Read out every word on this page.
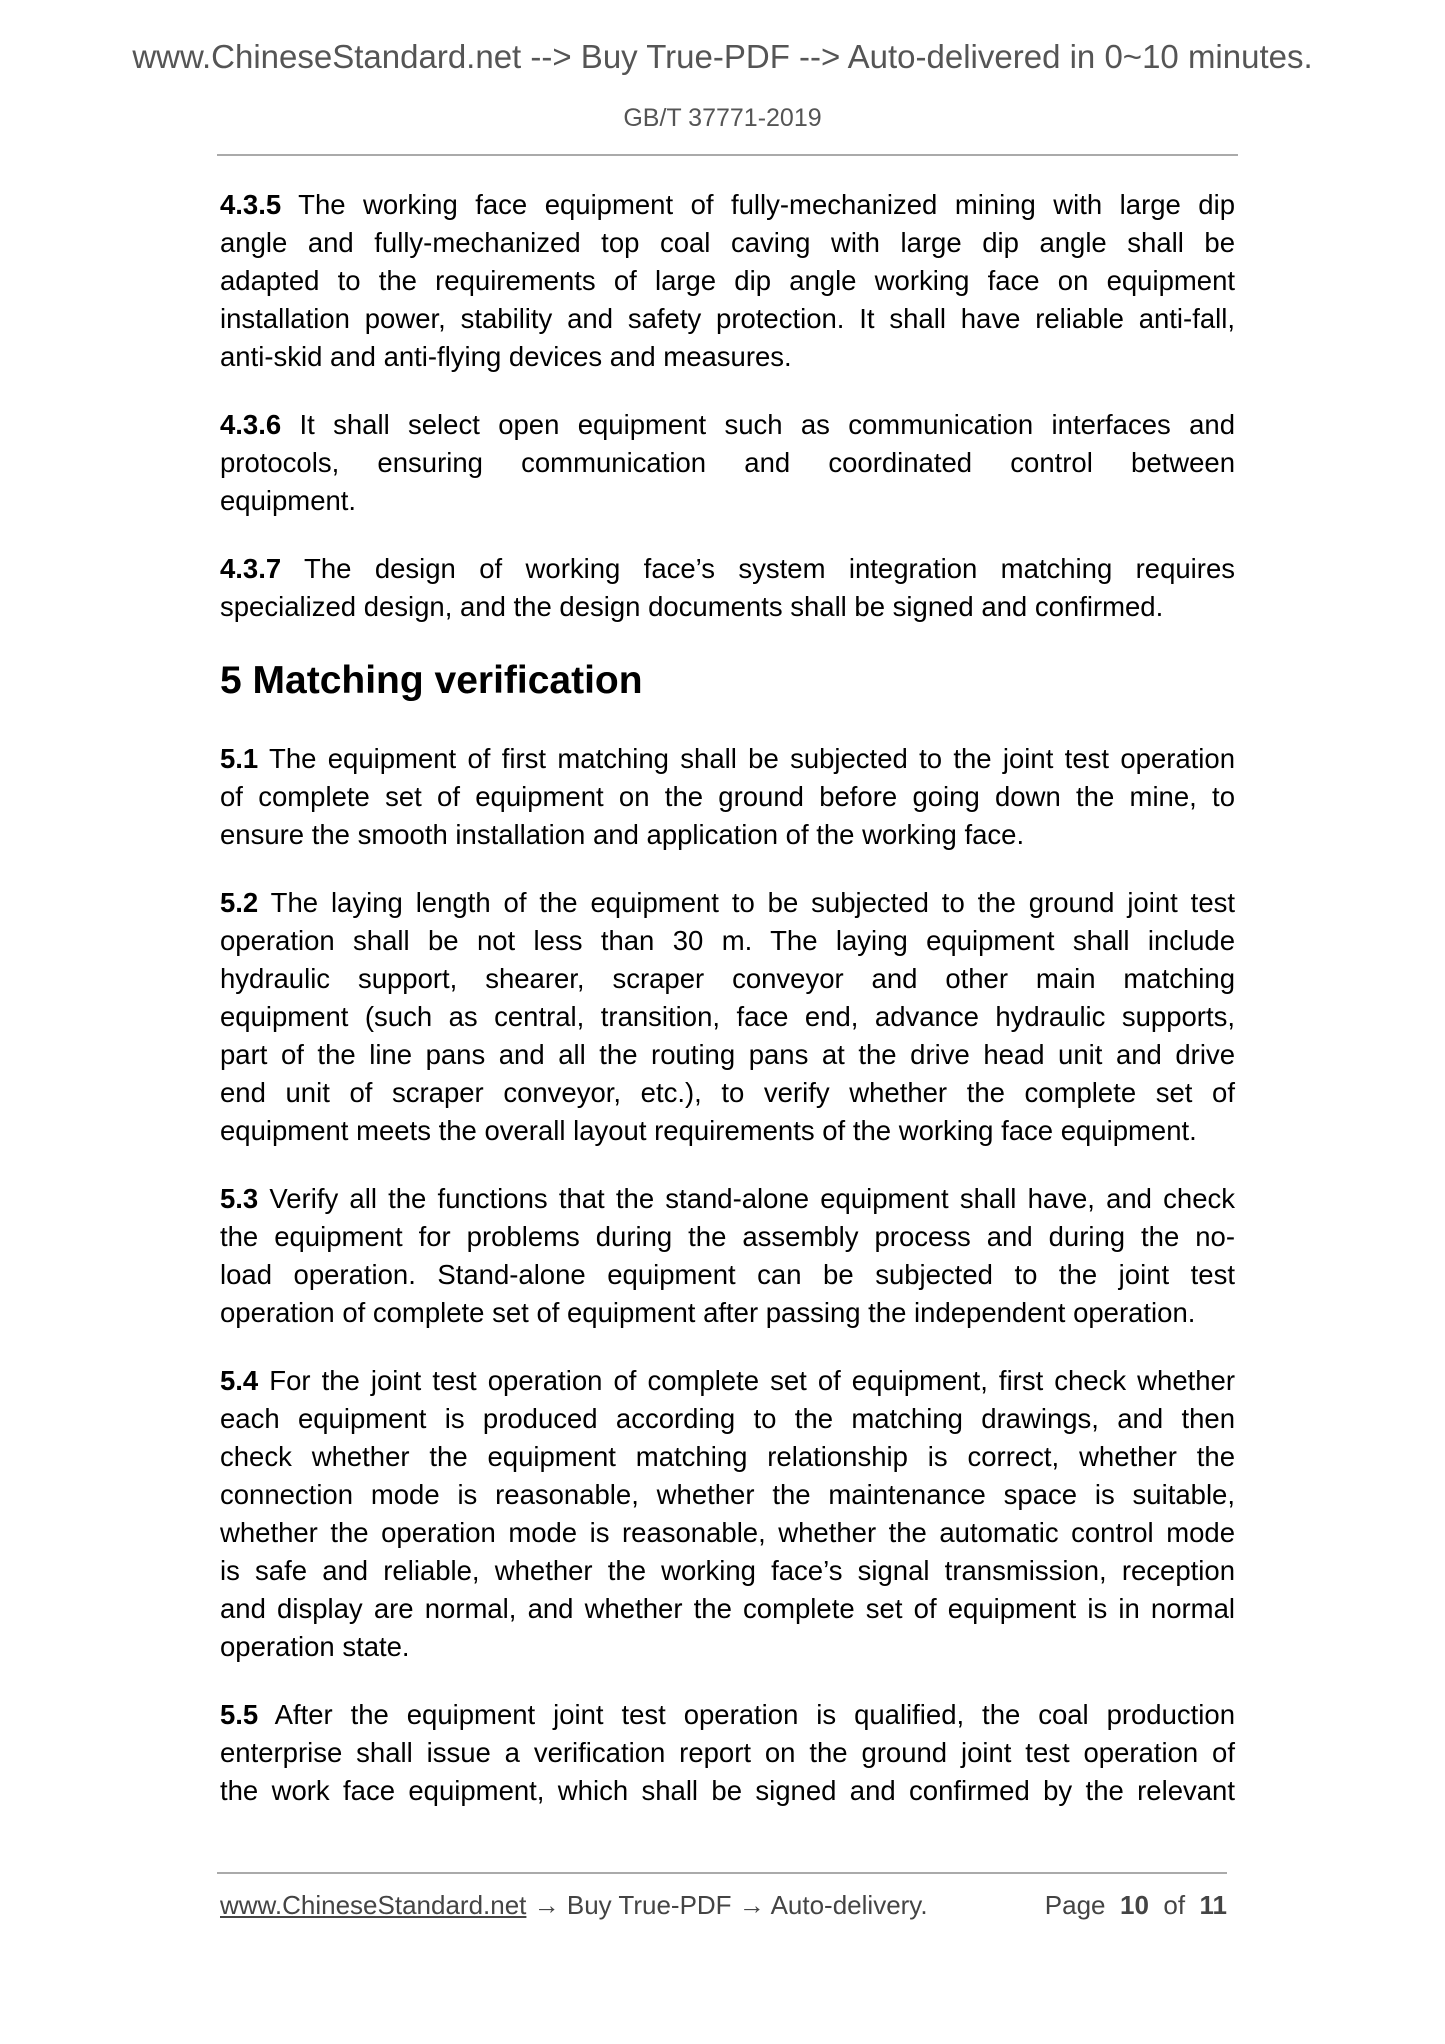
www.ChineseStandard.net --> Buy True-PDF --> Auto-delivered in 0~10 minutes.
GB/T 37771-2019
4.3.5 The working face equipment of fully-mechanized mining with large dip
angle and fully-mechanized top coal caving with large dip angle shall be
adapted to the requirements of large dip angle working face on equipment
installation power, stability and safety protection. It shall have reliable anti-fall,
anti-skid and anti-flying devices and measures.
4.3.6 It shall select open equipment such as communication interfaces and
protocols, ensuring communication and coordinated control between
equipment.
4.3.7 The design of working face’s system integration matching requires
specialized design, and the design documents shall be signed and confirmed.
5 Matching verification
5.1 The equipment of first matching shall be subjected to the joint test operation
of complete set of equipment on the ground before going down the mine, to
ensure the smooth installation and application of the working face.
5.2 The laying length of the equipment to be subjected to the ground joint test
operation shall be not less than 30 m. The laying equipment shall include
hydraulic support, shearer, scraper conveyor and other main matching
equipment (such as central, transition, face end, advance hydraulic supports,
part of the line pans and all the routing pans at the drive head unit and drive
end unit of scraper conveyor, etc.), to verify whether the complete set of
equipment meets the overall layout requirements of the working face equipment.
5.3 Verify all the functions that the stand-alone equipment shall have, and check
the equipment for problems during the assembly process and during the no-
load operation. Stand-alone equipment can be subjected to the joint test
operation of complete set of equipment after passing the independent operation.
5.4 For the joint test operation of complete set of equipment, first check whether
each equipment is produced according to the matching drawings, and then
check whether the equipment matching relationship is correct, whether the
connection mode is reasonable, whether the maintenance space is suitable,
whether the operation mode is reasonable, whether the automatic control mode
is safe and reliable, whether the working face’s signal transmission, reception
and display are normal, and whether the complete set of equipment is in normal
operation state.
5.5 After the equipment joint test operation is qualified, the coal production
enterprise shall issue a verification report on the ground joint test operation of
the work face equipment, which shall be signed and confirmed by the relevant
www.ChineseStandard.net → Buy True-PDF → Auto-delivery.	Page 10 of 11
